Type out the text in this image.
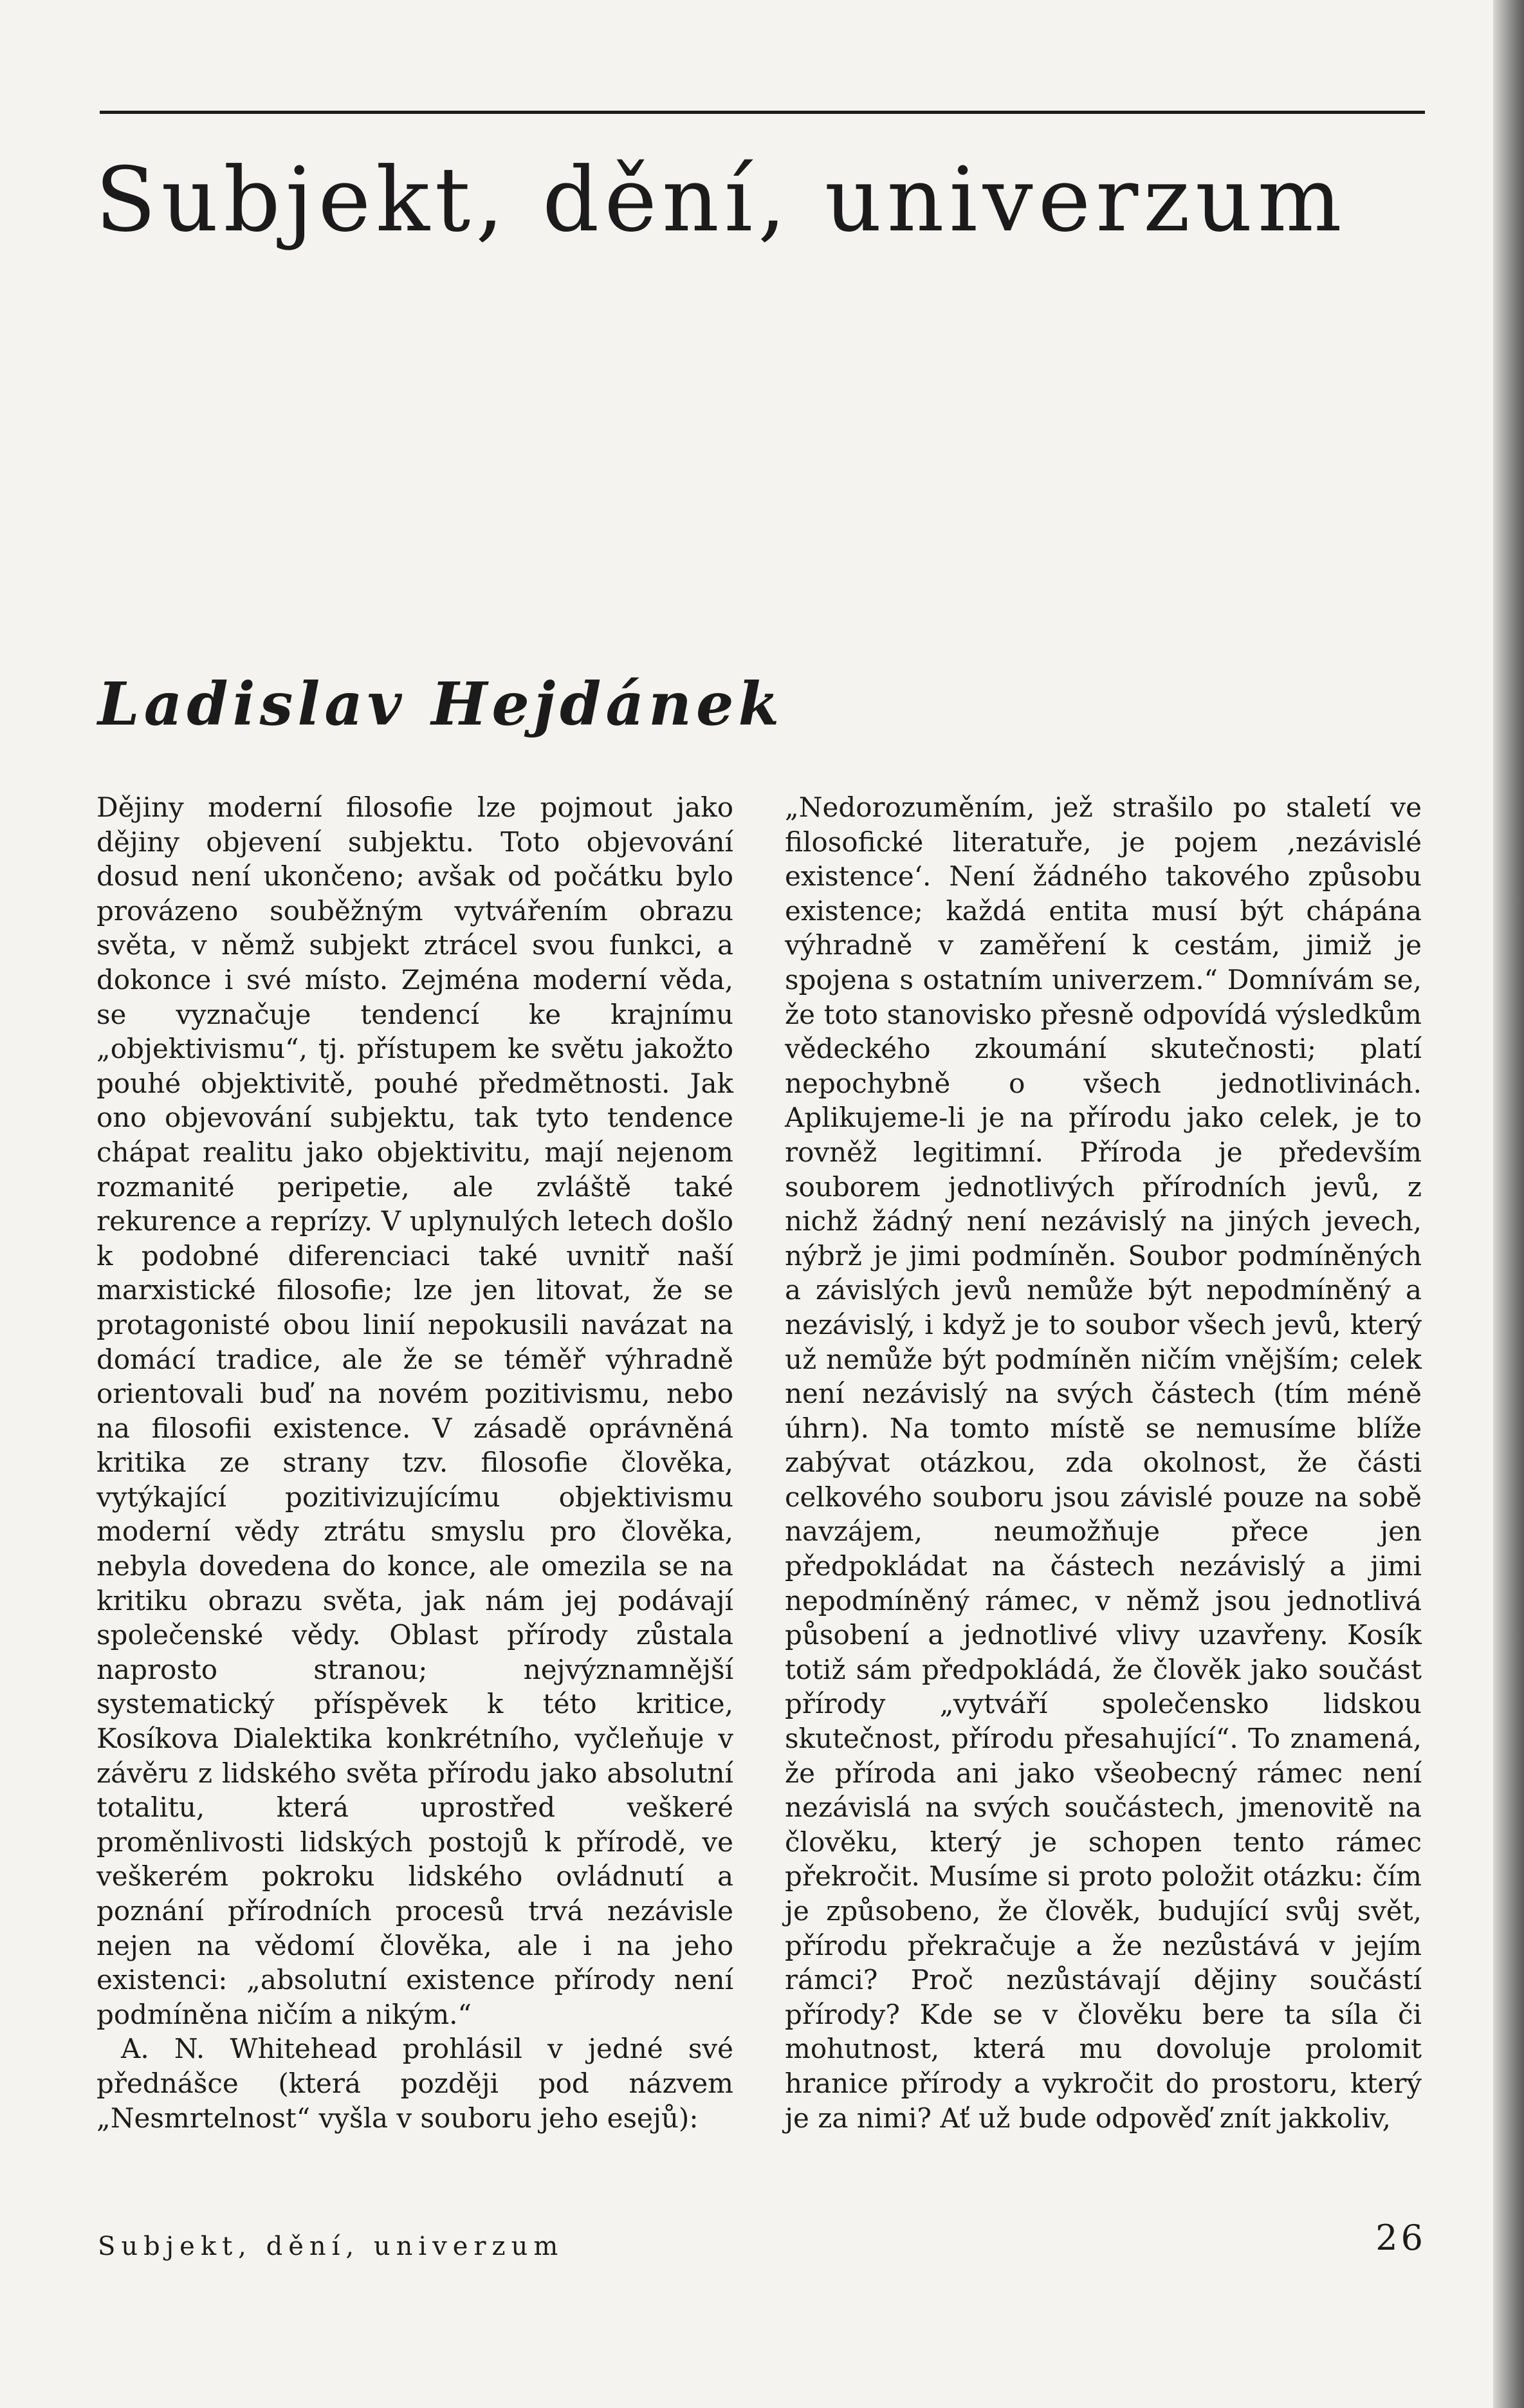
Subjekt, dění, univerzum
Ladislav Hejdánek

Dějiny moderní filosofie lze pojmout jako dějiny objevení subjektu. Toto objevování dosud není ukončeno; avšak od počátku bylo provázeno souběžným vytvářením obrazu světa, v němž subjekt ztrácel svou funkci, a dokonce i své místo. Zejména moderní věda, se vyznačuje tendencí ke krajnímu „objektivismu“, tj. přístupem ke světu jakožto pouhé objektivitě, pouhé předmětnosti. Jak ono objevování subjektu, tak tyto tendence chápat realitu jako objektivitu, mají nejenom rozmanité peripetie, ale zvláště také rekurence a reprízy. V uplynulých letech došlo k podobné diferenciaci také uvnitř naší marxistické filosofie; lze jen litovat, že se protagonisté obou linií nepokusili navázat na domácí tradice, ale že se téměř výhradně orientovali buď na novém pozitivismu, nebo na filosofii existence. V zásadě oprávněná kritika ze strany tzv. filosofie člověka, vytýkající pozitivizujícímu objektivismu moderní vědy ztrátu smyslu pro člověka, nebyla dovedena do konce, ale omezila se na kritiku obrazu světa, jak nám jej podávají společenské vědy. Oblast přírody zůstala naprosto stranou; nejvýznamnější systematický příspěvek k této kritice, Kosíkova Dialektika konkrétního, vyčleňuje v závěru z lidského světa přírodu jako absolutní totalitu, která uprostřed veškeré proměnlivosti lidských postojů k přírodě, ve veškerém pokroku lidského ovládnutí a poznání přírodních procesů trvá nezávisle nejen na vědomí člověka, ale i na jeho existenci: „absolutní existence přírody není podmíněna ničím a nikým.“

A. N. Whitehead prohlásil v jedné své přednášce (která později pod názvem „Nesmrtelnost“ vyšla v souboru jeho esejů):

„Nedorozuměním, jež strašilo po staletí ve filosofické literatuře, je pojem ‚nezávislé existence‘. Není žádného takového způsobu existence; každá entita musí být chápána výhradně v zaměření k cestám, jimiž je spojena s ostatním univerzem.“ Domnívám se, že toto stanovisko přesně odpovídá výsledkům vědeckého zkoumání skutečnosti; platí nepochybně o všech jednotlivinách. Aplikujeme-li je na přírodu jako celek, je to rovněž legitimní. Příroda je především souborem jednotlivých přírodních jevů, z nichž žádný není nezávislý na jiných jevech, nýbrž je jimi podmíněn. Soubor podmíněných a závislých jevů nemůže být nepodmíněný a nezávislý, i když je to soubor všech jevů, který už nemůže být podmíněn ničím vnějším; celek není nezávislý na svých částech (tím méně úhrn). Na tomto místě se nemusíme blíže zabývat otázkou, zda okolnost, že části celkového souboru jsou závislé pouze na sobě navzájem, neumožňuje přece jen předpokládat na částech nezávislý a jimi nepodmíněný rámec, v němž jsou jednotlivá působení a jednotlivé vlivy uzavřeny. Kosík totiž sám předpokládá, že člověk jako součást přírody „vytváří společensko lidskou skutečnost, přírodu přesahující“. To znamená, že příroda ani jako všeobecný rámec není nezávislá na svých součástech, jmenovitě na člověku, který je schopen tento rámec překročit. Musíme si proto položit otázku: čím je způsobeno, že člověk, budující svůj svět, přírodu překračuje a že nezůstává v jejím rámci? Proč nezůstávají dějiny součástí přírody? Kde se v člověku bere ta síla či mohutnost, která mu dovoluje prolomit hranice přírody a vykročit do prostoru, který je za nimi? Ať už bude odpověď znít jakkoliv,

Subjekt, dění, univerzum	26
